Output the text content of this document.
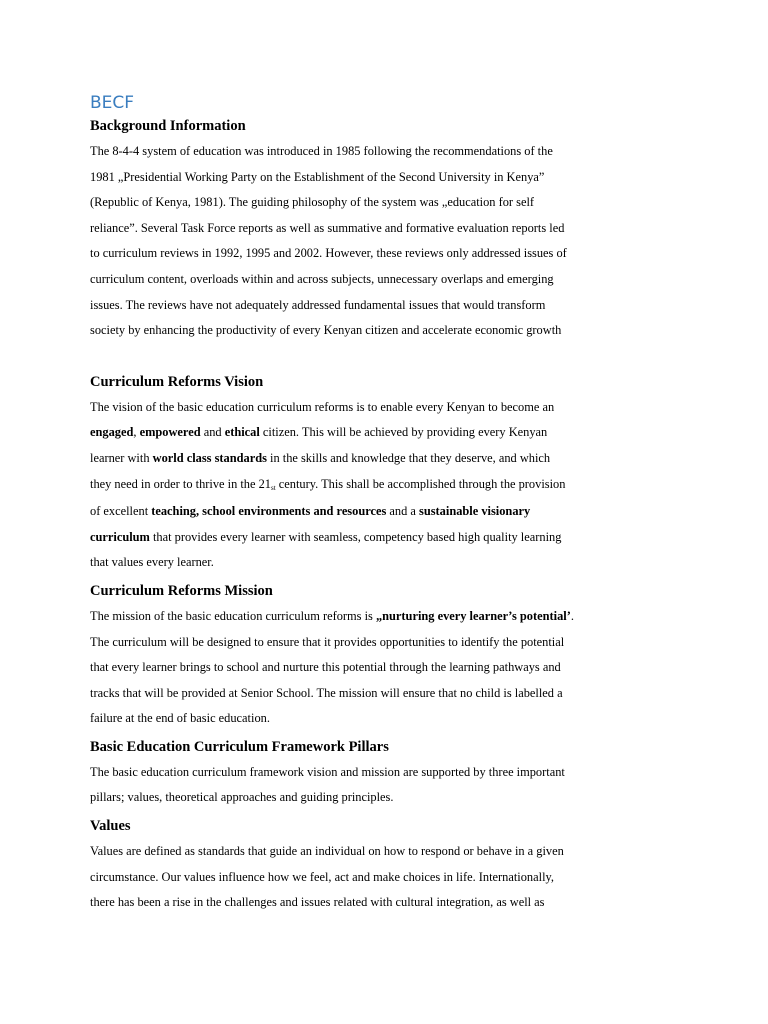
BECF
Background Information

The 8-4-4 system of education was introduced in 1985 following the recommendations of the
1981 „Presidential Working Party on the Establishment of the Second University in Kenya”
(Republic of Kenya, 1981). The guiding philosophy of the system was „education for self
reliance”. Several Task Force reports as well as summative and formative evaluation reports led
to curriculum reviews in 1992, 1995 and 2002. However, these reviews only addressed issues of
curriculum content, overloads within and across subjects, unnecessary overlaps and emerging
issues. The reviews have not adequately addressed fundamental issues that would transform
society by enhancing the productivity of every Kenyan citizen and accelerate economic growth

Curriculum Reforms Vision

The vision of the basic education curriculum reforms is to enable every Kenyan to become an
engaged, empowered and ethical citizen. This will be achieved by providing every Kenyan
learner with world class standards in the skills and knowledge that they deserve, and which
they need in order to thrive in the 21st century. This shall be accomplished through the provision
of excellent teaching, school environments and resources and a sustainable visionary
curriculum that provides every learner with seamless, competency based high quality learning
that values every learner.

Curriculum Reforms Mission

The mission of the basic education curriculum reforms is „nurturing every learner’s potential’.
The curriculum will be designed to ensure that it provides opportunities to identify the potential
that every learner brings to school and nurture this potential through the learning pathways and
tracks that will be provided at Senior School. The mission will ensure that no child is labelled a
failure at the end of basic education.

Basic Education Curriculum Framework Pillars

The basic education curriculum framework vision and mission are supported by three important
pillars; values, theoretical approaches and guiding principles.

Values

Values are defined as standards that guide an individual on how to respond or behave in a given
circumstance. Our values influence how we feel, act and make choices in life. Internationally,
there has been a rise in the challenges and issues related with cultural integration, as well as
